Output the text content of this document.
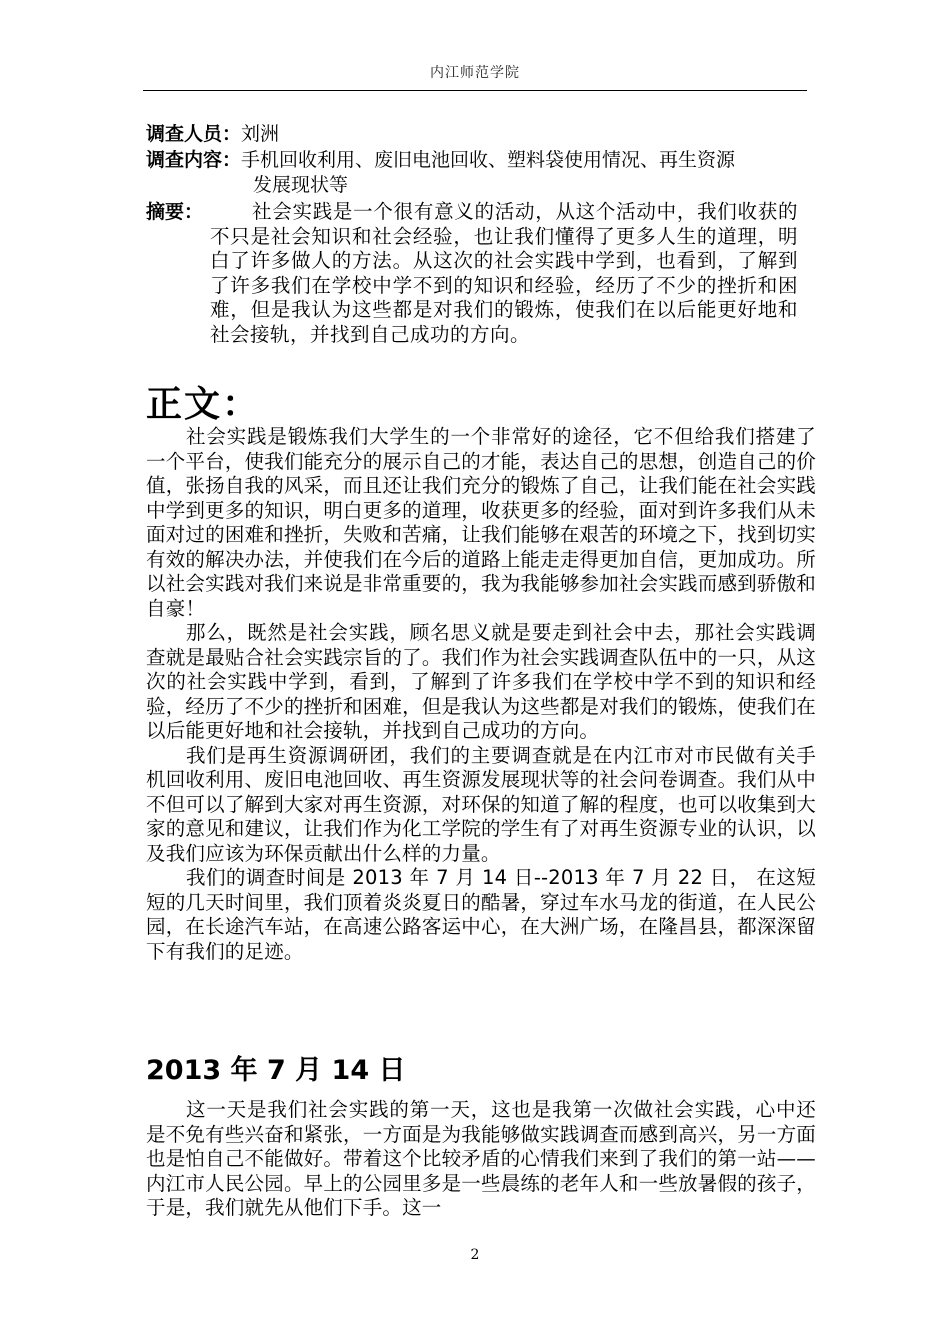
内江师范学院
调查人员： 刘洲
调查内容： 手机回收利用、废旧电池回收、塑料袋使用情况、再生资源
发展现状等
摘要：	社会实践是一个很有意义的活动，从这个活动中，我们收获的不只是社会知识和社会经验，也让我们懂得了更多人生的道理，明白了许多做人的方法。从这次的社会实践中学到，也看到，了解到了许多我们在学校中学不到的知识和经验，经历了不少的挫折和困难，但是我认为这些都是对我们的锻炼，使我们在以后能更好地和社会接轨，并找到自己成功的方向。
正文：

社会实践是锻炼我们大学生的一个非常好的途径，它不但给我们搭建了一个平台，使我们能充分的展示自己的才能，表达自己的思想，创造自己的价值，张扬自我的风采，而且还让我们充分的锻炼了自己，让我们能在社会实践中学到更多的知识，明白更多的道理，收获更多的经验，面对到许多我们从未面对过的困难和挫折，失败和苦痛，让我们能够在艰苦的环境之下，找到切实有效的解决办法，并使我们在今后的道路上能走走得更加自信，更加成功。所以社会实践对我们来说是非常重要的，我为我能够参加社会实践而感到骄傲和自豪！

那么，既然是社会实践，顾名思义就是要走到社会中去，那社会实践调查就是最贴合社会实践宗旨的了。我们作为社会实践调查队伍中的一只，从这次的社会实践中学到，看到，了解到了许多我们在学校中学不到的知识和经验，经历了不少的挫折和困难，但是我认为这些都是对我们的锻炼，使我们在以后能更好地和社会接轨，并找到自己成功的方向。

我们是再生资源调研团，我们的主要调查就是在内江市对市民做有关手机回收利用、废旧电池回收、再生资源发展现状等的社会问卷调查。我们从中不但可以了解到大家对再生资源，对环保的知道了解的程度，也可以收集到大家的意见和建议，让我们作为化工学院的学生有了对再生资源专业的认识，以及我们应该为环保贡献出什么样的力量。

我们的调查时间是 2013 年 7 月 14 日--2013 年 7 月 22 日， 在这短短的几天时间里，我们顶着炎炎夏日的酷暑，穿过车水马龙的街道，在人民公园，在长途汽车站，在高速公路客运中心，在大洲广场，在隆昌县，都深深留下有我们的足迹。

2013 年 7 月 14 日

这一天是我们社会实践的第一天，这也是我第一次做社会实践，心中还是不免有些兴奋和紧张，一方面是为我能够做实践调查而感到高兴，另一方面也是怕自己不能做好。带着这个比较矛盾的心情我们来到了我们的第一站——内江市人民公园。早上的公园里多是一些晨练的老年人和一些放暑假的孩子，于是，我们就先从他们下手。这一

2
